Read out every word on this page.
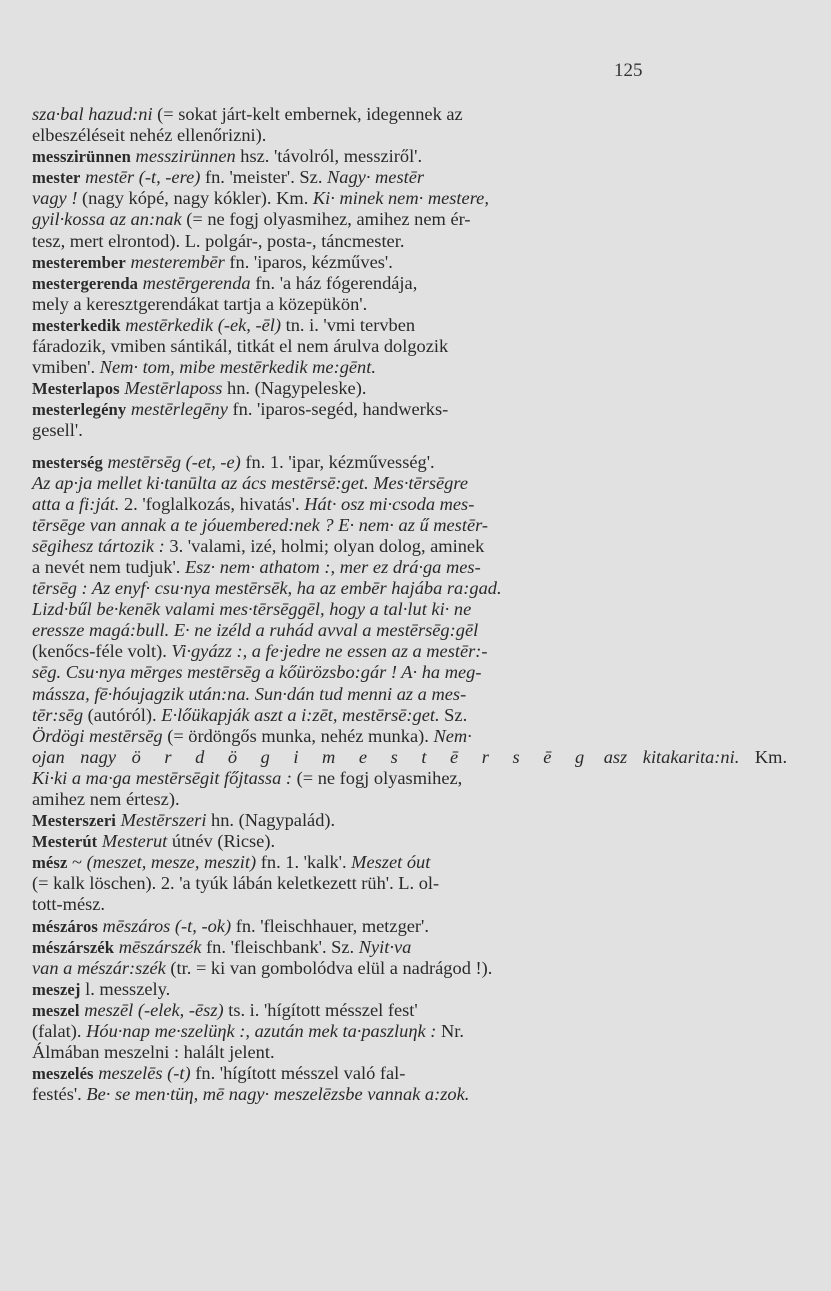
125
sza·bal hazud:ni (= sokat járt-kelt embernek, idegennek az
elbeszéléseit nehéz ellenőrizni).
messzirünnen messzirünnen hsz. 'távolról, messziről'.
mester mestēr (-t, -ere) fn. 'meister'. Sz. Nagy· mestēr
vagy ! (nagy kópé, nagy kókler). Km. Ki· minek nem· mestere,
gyil·kossa az an:nak (= ne fogj olyasmihez, amihez nem ér-
tesz, mert elrontod). L. polgár-, posta-, táncmester.
mesterember mesterembēr fn. 'iparos, kézműves'.
mestergerenda mestērgerenda fn. 'a ház fógerendája,
mely a keresztgerendákat tartja a közepükön'.
mesterkedik mestērkedik (-ek, -ēl) tn. i. 'vmi tervben
fáradozik, vmiben sántikál, titkát el nem árulva dolgozik
vmiben'. Nem· tom, mibe mestērkedik me:gēnt.
Mesterlapos Mestērlaposs hn. (Nagypeleske).
mesterlegény mestērlegēny fn. 'iparos-segéd, handwerks-
gesell'.
mesterség mestērsēg (-et, -e) fn. 1. 'ipar, kézművesség'.
Az ap·ja mellet ki·tanūlta az ács mestērsē:get. Mes·tērsēgre
atta a fi:ját. 2. 'foglalkozás, hivatás'. Hát· osz mi·csoda mes-
tērsēge van annak a te jóuembered:nek ? E· nem· az ű mestēr-
sēgihesz tártozik : 3. 'valami, izé, holmi; olyan dolog, aminek
a nevét nem tudjuk'. Esz· nem· athatom :, mer ez drá·ga mes-
tērsēg : Az enyf· csu·nya mestērsēk, ha az embēr hajába ra:gad.
Lizd·bűl be·kenēk valami mes·tērsēggēl, hogy a tal·lut ki· ne
eressze magá:bull. E· ne izéld a ruhád avval a mestērsēg:gēl
(kenőcs-féle volt). Vi·gyázz :, a fe·jedre ne essen az a mestēr:-
sēg. Csu·nya mērges mestērsēg a kőürözsbo:gár ! A· ha meg-
mássza, fē·hóujagzik után:na. Sun·dán tud menni az a mes-
tēr:sēg (autóról). E·lőükapják aszt a i:zēt, mestērsē:get. Sz.
Ördögi mestērsēg (= ördöngős munka, nehéz munka). Nem·
ojan nagy ö r d ö g i m e s t ē r s ē g asz kitakarita:ni. Km.
Ki·ki a ma·ga mestērsēgit főjtassa : (= ne fogj olyasmihez,
amihez nem értesz).
Mesterszeri Mestērszeri hn. (Nagypalád).
Mesterút Mesterut útnév (Ricse).
mész ~ (meszet, mesze, meszit) fn. 1. 'kalk'. Meszet óut
(= kalk löschen). 2. 'a tyúk lábán keletkezett rüh'. L. ol-
tott-mész.
mészáros mēszáros (-t, -ok) fn. 'fleischhauer, metzger'.
mészárszék mēszárszék fn. 'fleischbank'. Sz. Nyit·va
van a mészár:szék (tr. = ki van gombolódva elül a nadrágod !).
meszej l. messzely.
meszel meszēl (-elek, -ēsz) ts. i. 'hígított mésszel fest'
(falat). Hóu·nap me·szelüηk :, azután mek ta·paszluηk : Nr.
Álmában meszelni : halált jelent.
meszelés meszelēs (-t) fn. 'hígított mésszel való fal-
festés'. Be· se men·tüη, mē nagy· meszelēzsbe vannak a:zok.
